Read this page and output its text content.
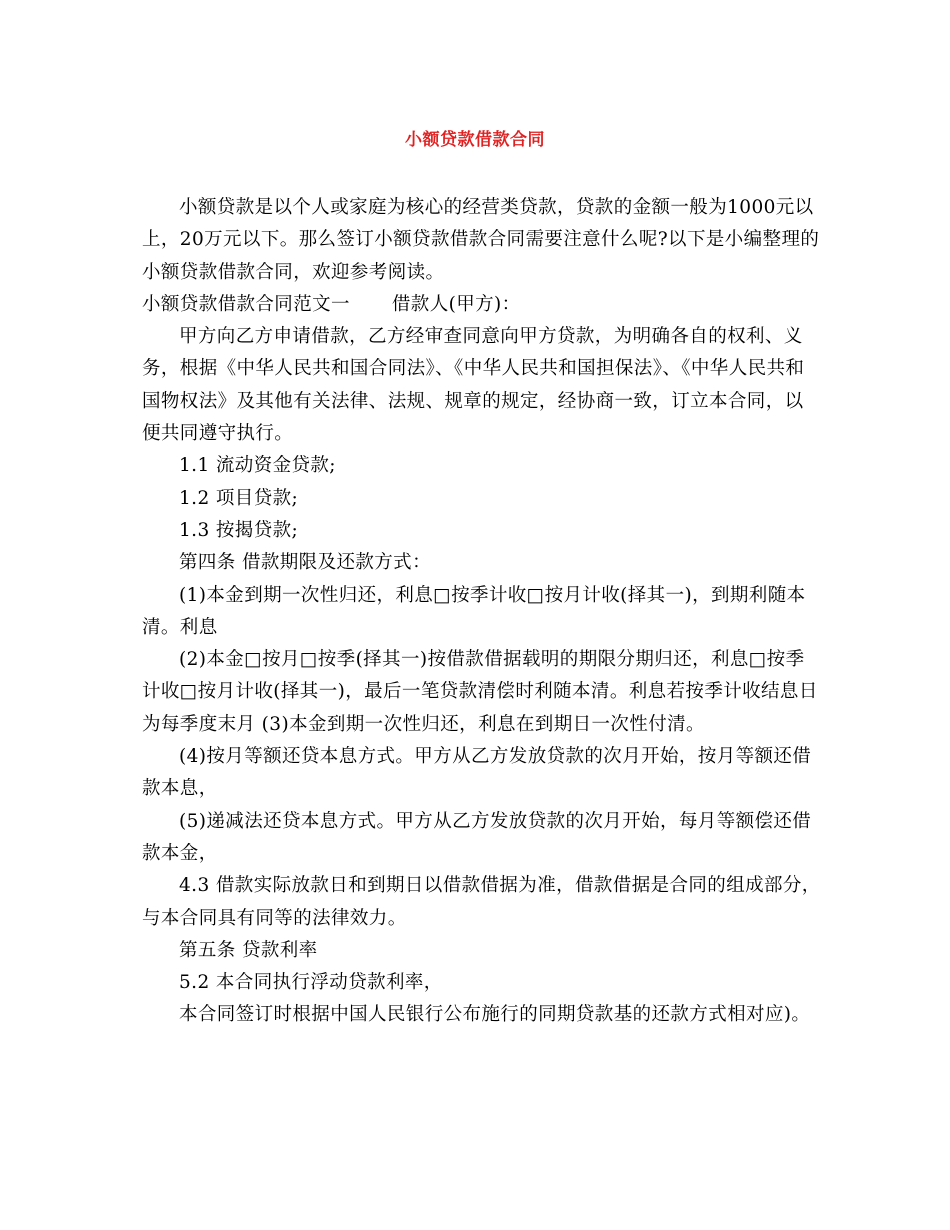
小额贷款借款合同

小额贷款是以个人或家庭为核心的经营类贷款，贷款的金额一般为1000元以上，20万元以下。那么签订小额贷款借款合同需要注意什么呢?以下是小编整理的小额贷款借款合同，欢迎参考阅读。

小额贷款借款合同范文一 借款人(甲方)：

甲方向乙方申请借款，乙方经审查同意向甲方贷款，为明确各自的权利、义务，根据《中华人民共和国合同法》、《中华人民共和国担保法》、《中华人民共和国物权法》及其他有关法律、法规、规章的规定，经协商一致，订立本合同，以便共同遵守执行。

1.1 流动资金贷款;

1.2 项目贷款;

1.3 按揭贷款;

第四条 借款期限及还款方式：

(1)本金到期一次性归还，利息□按季计收□按月计收(择其一)，到期利随本清。利息

(2)本金□按月□按季(择其一)按借款借据载明的期限分期归还，利息□按季计收□按月计收(择其一)，最后一笔贷款清偿时利随本清。利息若按季计收结息日为每季度末月 (3)本金到期一次性归还，利息在到期日一次性付清。

(4)按月等额还贷本息方式。甲方从乙方发放贷款的次月开始，按月等额还借款本息，

(5)递减法还贷本息方式。甲方从乙方发放贷款的次月开始，每月等额偿还借款本金，

4.3 借款实际放款日和到期日以借款借据为准，借款借据是合同的组成部分，与本合同具有同等的法律效力。

第五条 贷款利率

5.2 本合同执行浮动贷款利率，

本合同签订时根据中国人民银行公布施行的同期贷款基的还款方式相对应)。
